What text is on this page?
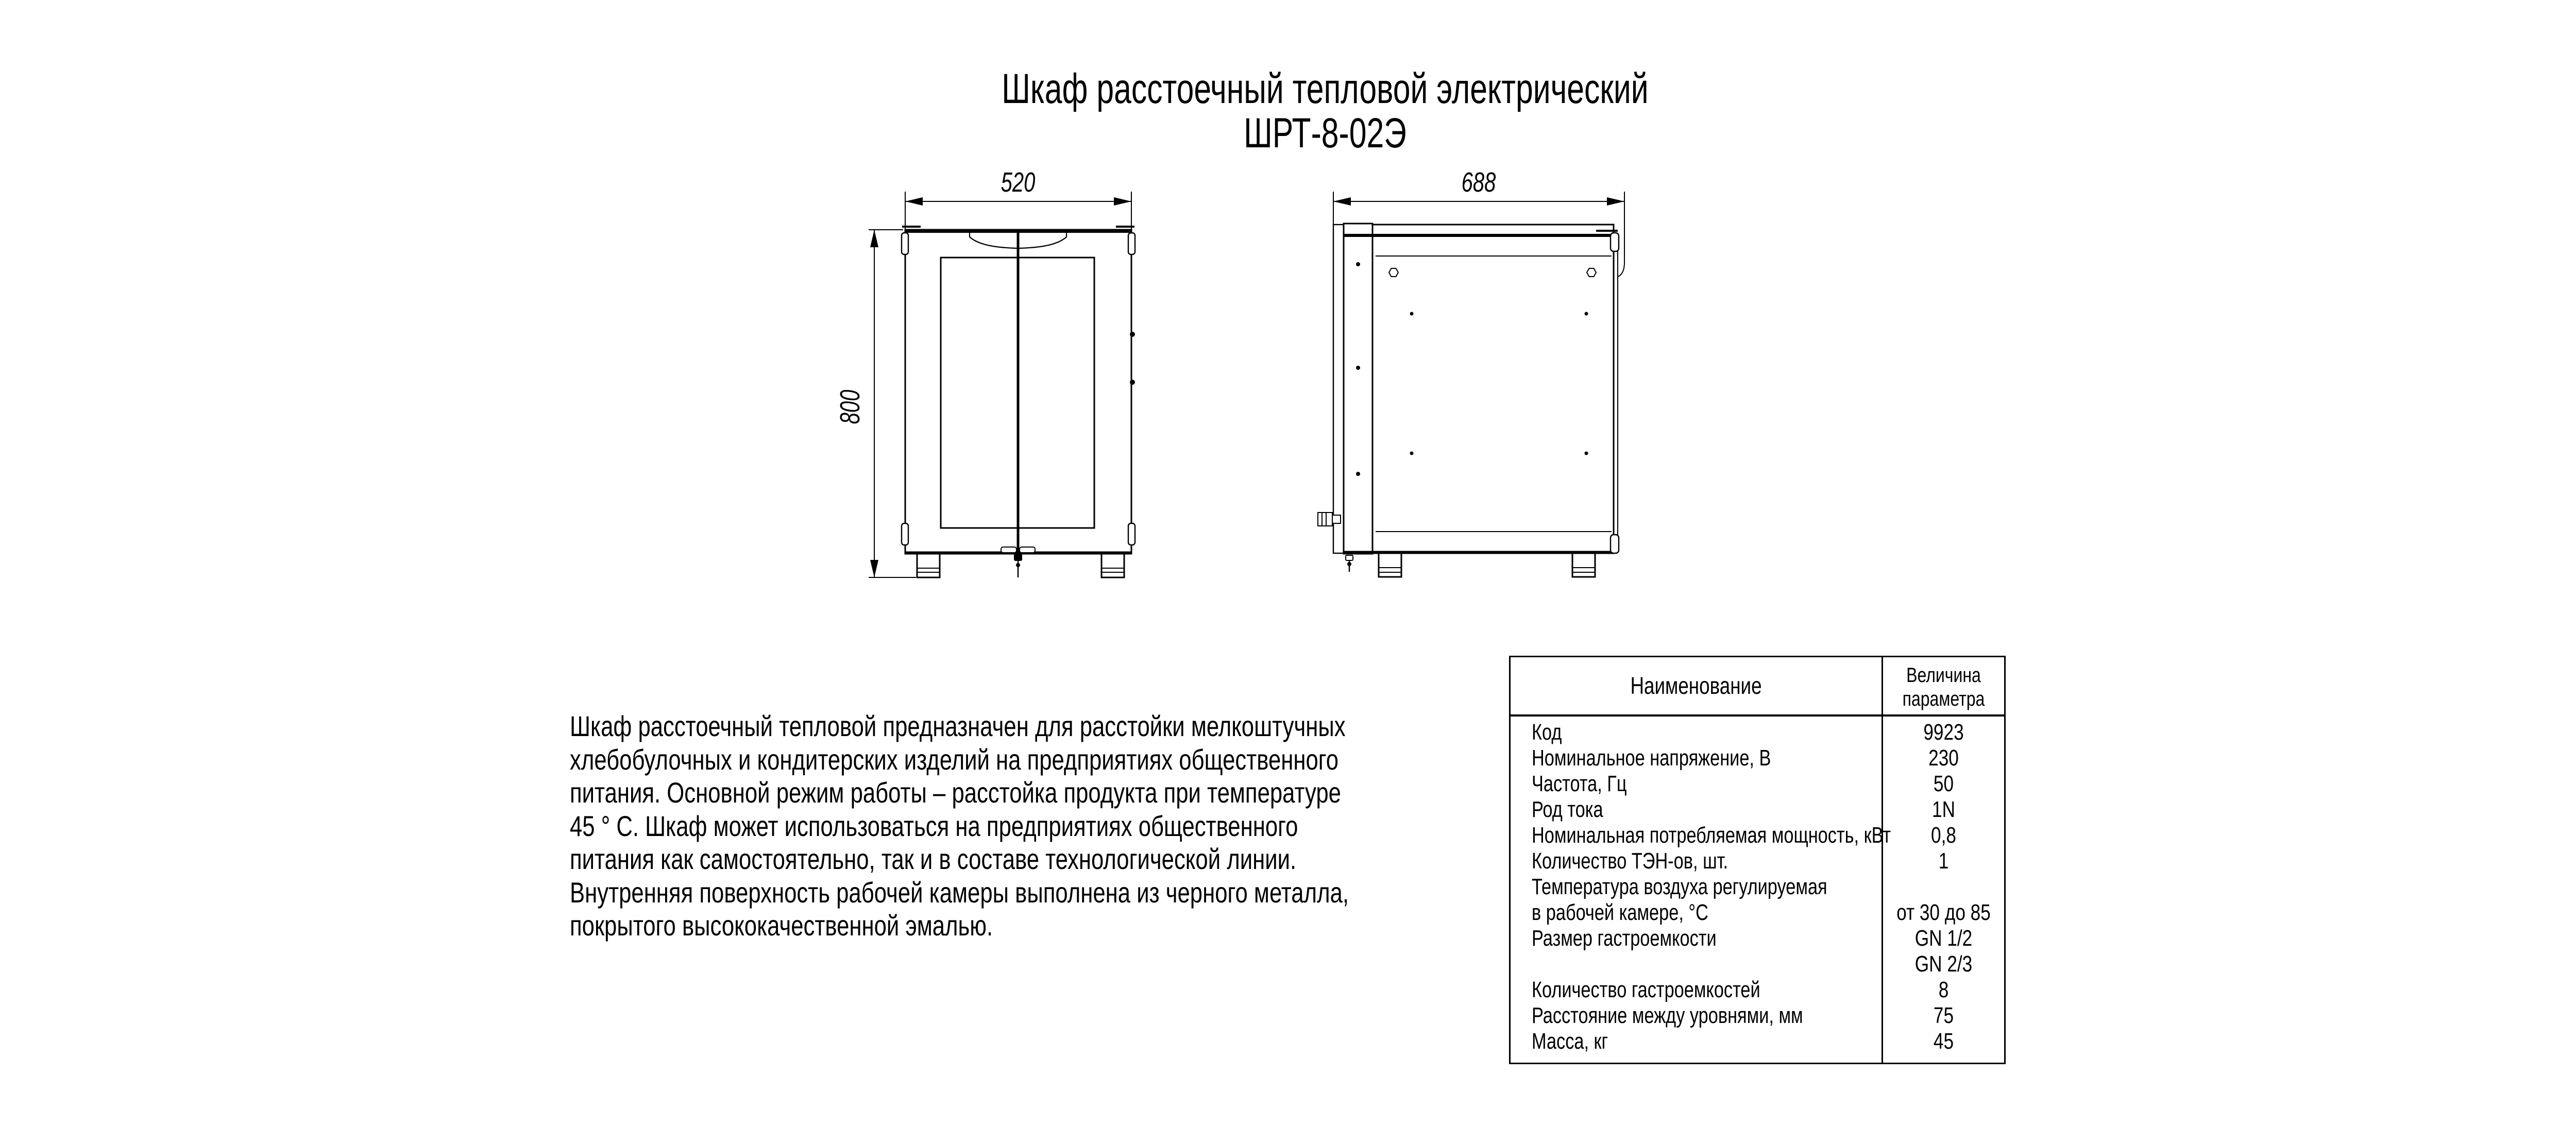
Шкаф расстоечный тепловой электрический
ШРТ-8-02Э
520
800
688
Шкаф расстоечный тепловой предназначен для расстойки мелкоштучных
хлебобулочных и кондитерских изделий на предприятиях общественного
питания. Основной режим работы – расстойка продукта при температуре
45 ° С. Шкаф может использоваться на предприятиях общественного
питания как самостоятельно, так и в составе технологической линии.
Внутренняя поверхность рабочей камеры выполнена из черного металла,
покрытого высококачественной эмалью.
Наименование	Величина
параметра
Код	9923
Номинальное напряжение, В	230
Частота, Гц	50
Род тока	1N
Номинальная потребляемая мощность, кВт	0,8
Количество ТЭН-ов, шт.	1
Температура воздуха регулируемая
в рабочей камере, °С	от 30 до 85
Размер гастроемкости	GN 1/2
GN 2/3
Количество гастроемкостей	8
Расстояние между уровнями, мм	75
Масса, кг	45
